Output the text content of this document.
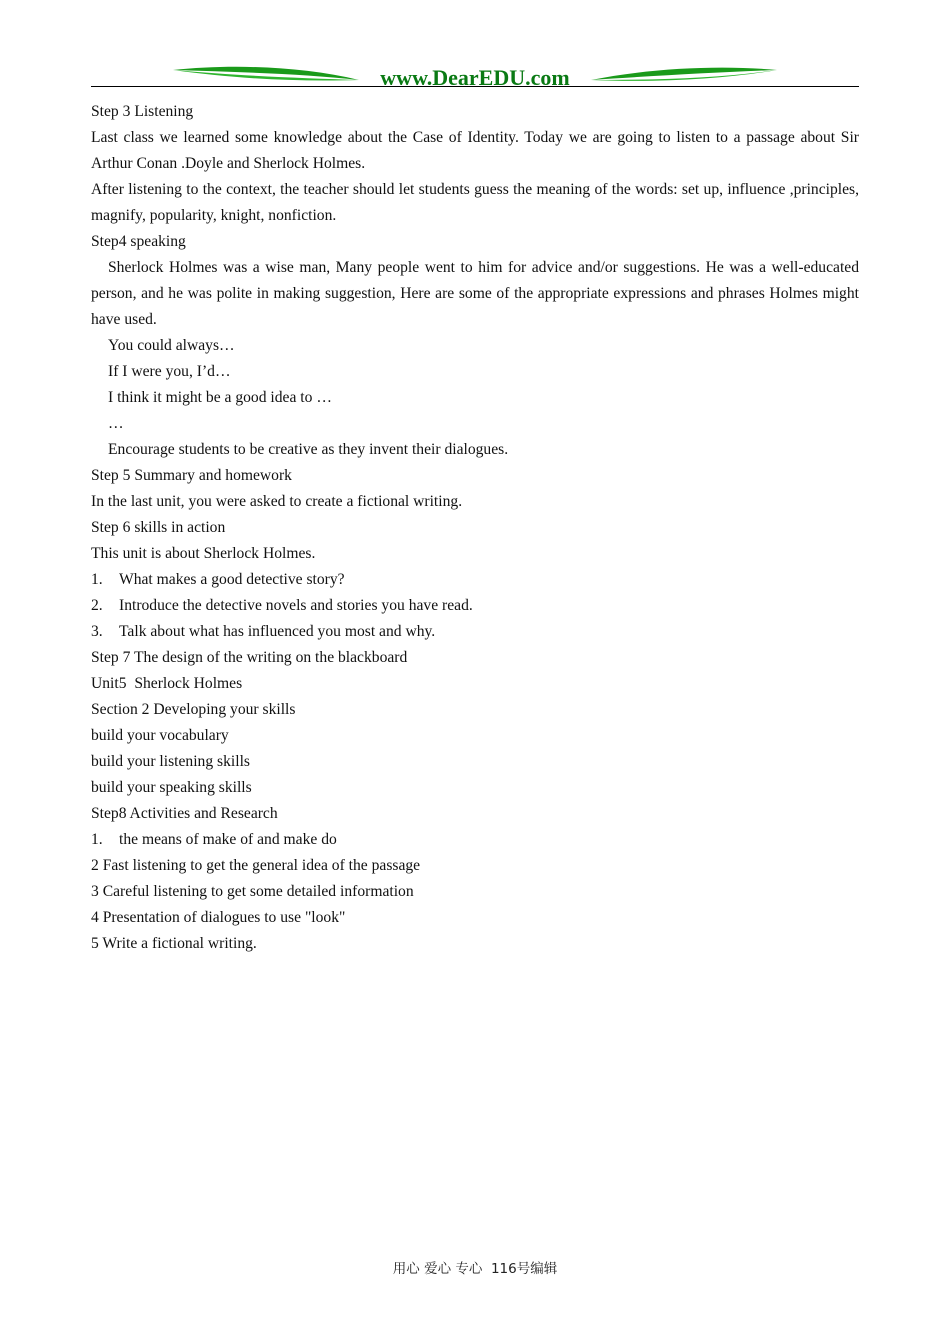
www.DearEDU.com

Step 3 Listening

Last class we learned some knowledge about the Case of Identity. Today we are going to listen to a passage about Sir Arthur Conan .Doyle and Sherlock Holmes.

After listening to the context, the teacher should let students guess the meaning of the words: set up, influence ,principles, magnify, popularity, knight, nonfiction.

Step4 speaking

Sherlock Holmes was a wise man, Many people went to him for advice and/or suggestions. He was a well-educated person, and he was polite in making suggestion, Here are some of the appropriate expressions and phrases Holmes might have used.

You could always…

If I were you, I’d…

I think it might be a good idea to …

…

Encourage students to be creative as they invent their dialogues.

Step 5 Summary and homework

In the last unit, you were asked to create a fictional writing.

Step 6 skills in action

This unit is about Sherlock Holmes.

1. What makes a good detective story?

2. Introduce the detective novels and stories you have read.

3. Talk about what has influenced you most and why.

Step 7 The design of the writing on the blackboard

Unit5  Sherlock Holmes

Section 2 Developing your skills

build your vocabulary

build your listening skills

build your speaking skills

Step8 Activities and Research

1. the means of make of and make do

2 Fast listening to get the general idea of the passage

3 Careful listening to get some detailed information

4 Presentation of dialogues to use "look"

5 Write a fictional writing.

用心 爱心 专心  116号编辑
